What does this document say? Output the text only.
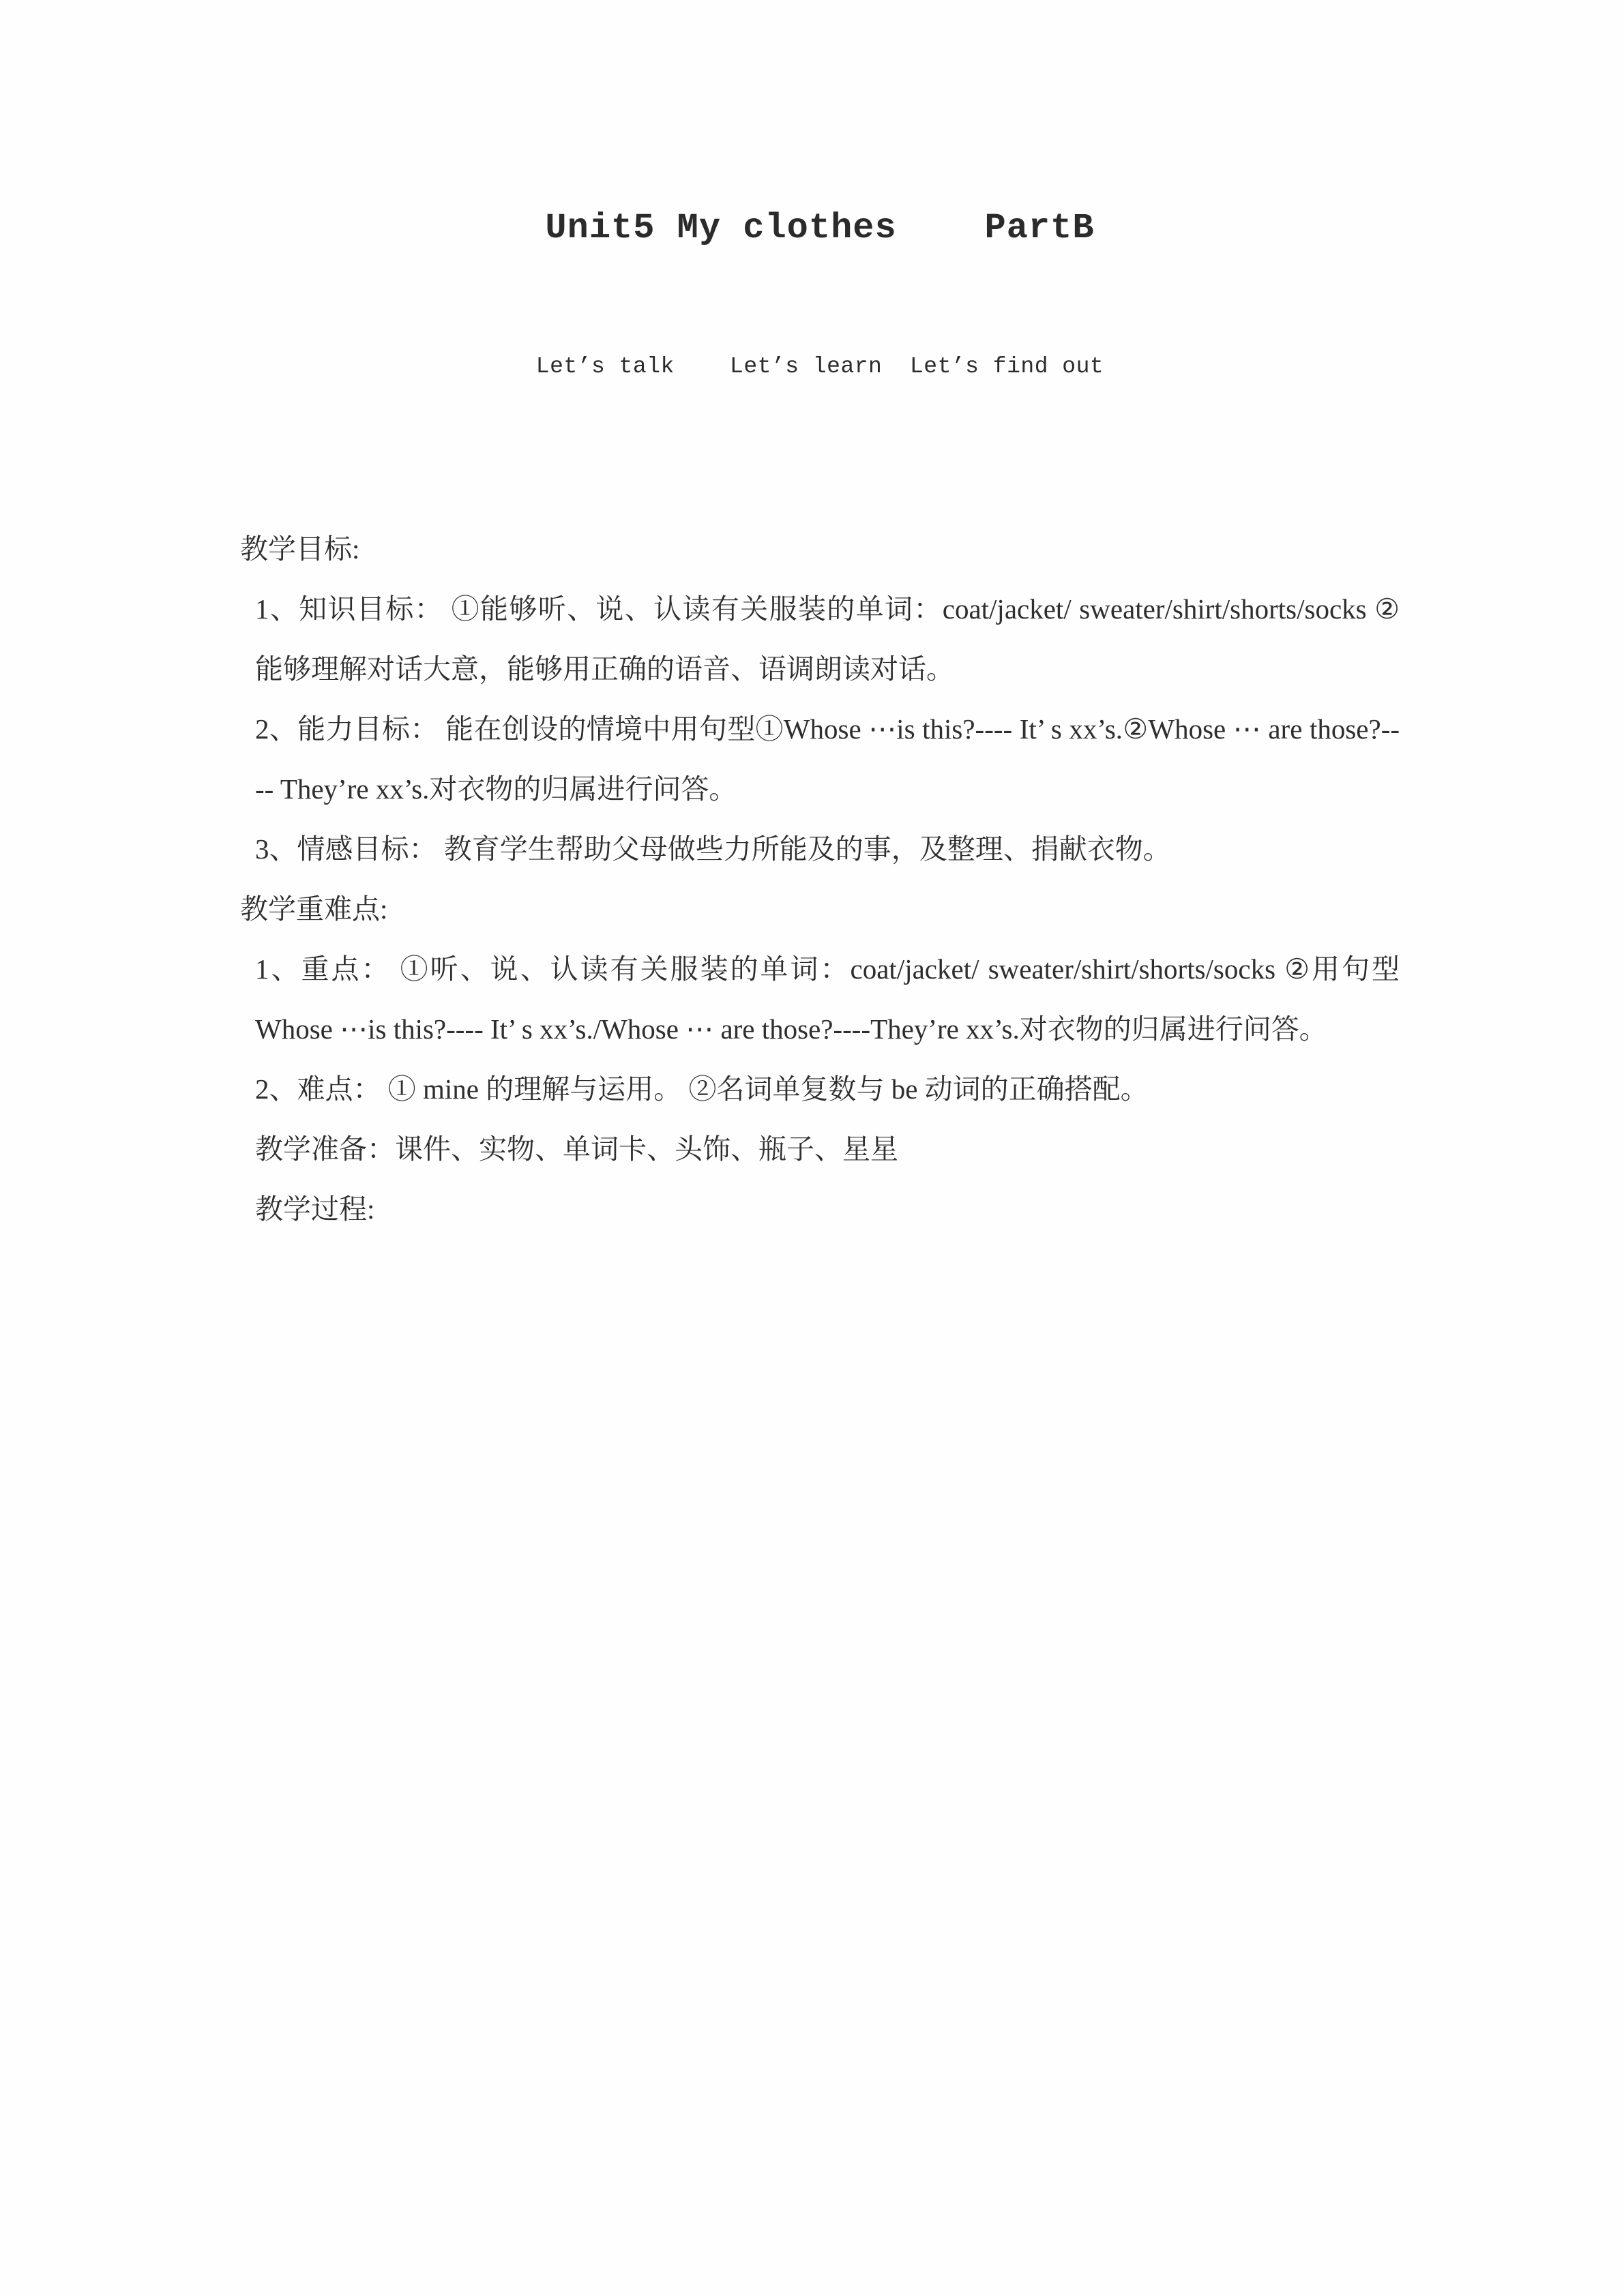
Unit5 My clothes    PartB
Let’s talk    Let’s learn  Let’s find out

教学目标:

1、知识目标： ①能够听、说、认读有关服装的单词：coat/jacket/ sweater/shirt/shorts/socks ②能够理解对话大意，能够用正确的语音、语调朗读对话。

2、能力目标： 能在创设的情境中用句型①Whose ⋯is this?---- It’ s xx’s.②Whose ⋯ are those?---- They’re xx’s.对衣物的归属进行问答。

3、情感目标： 教育学生帮助父母做些力所能及的事，及整理、捐献衣物。

教学重难点:

1、重点： ①听、说、认读有关服装的单词：coat/jacket/ sweater/shirt/shorts/socks ②用句型 Whose ⋯is this?---- It’ s xx’s./Whose ⋯ are those?----They’re xx’s.对衣物的归属进行问答。

2、难点： ① mine 的理解与运用。 ②名词单复数与 be 动词的正确搭配。

教学准备：课件、实物、单词卡、头饰、瓶子、星星

教学过程:
